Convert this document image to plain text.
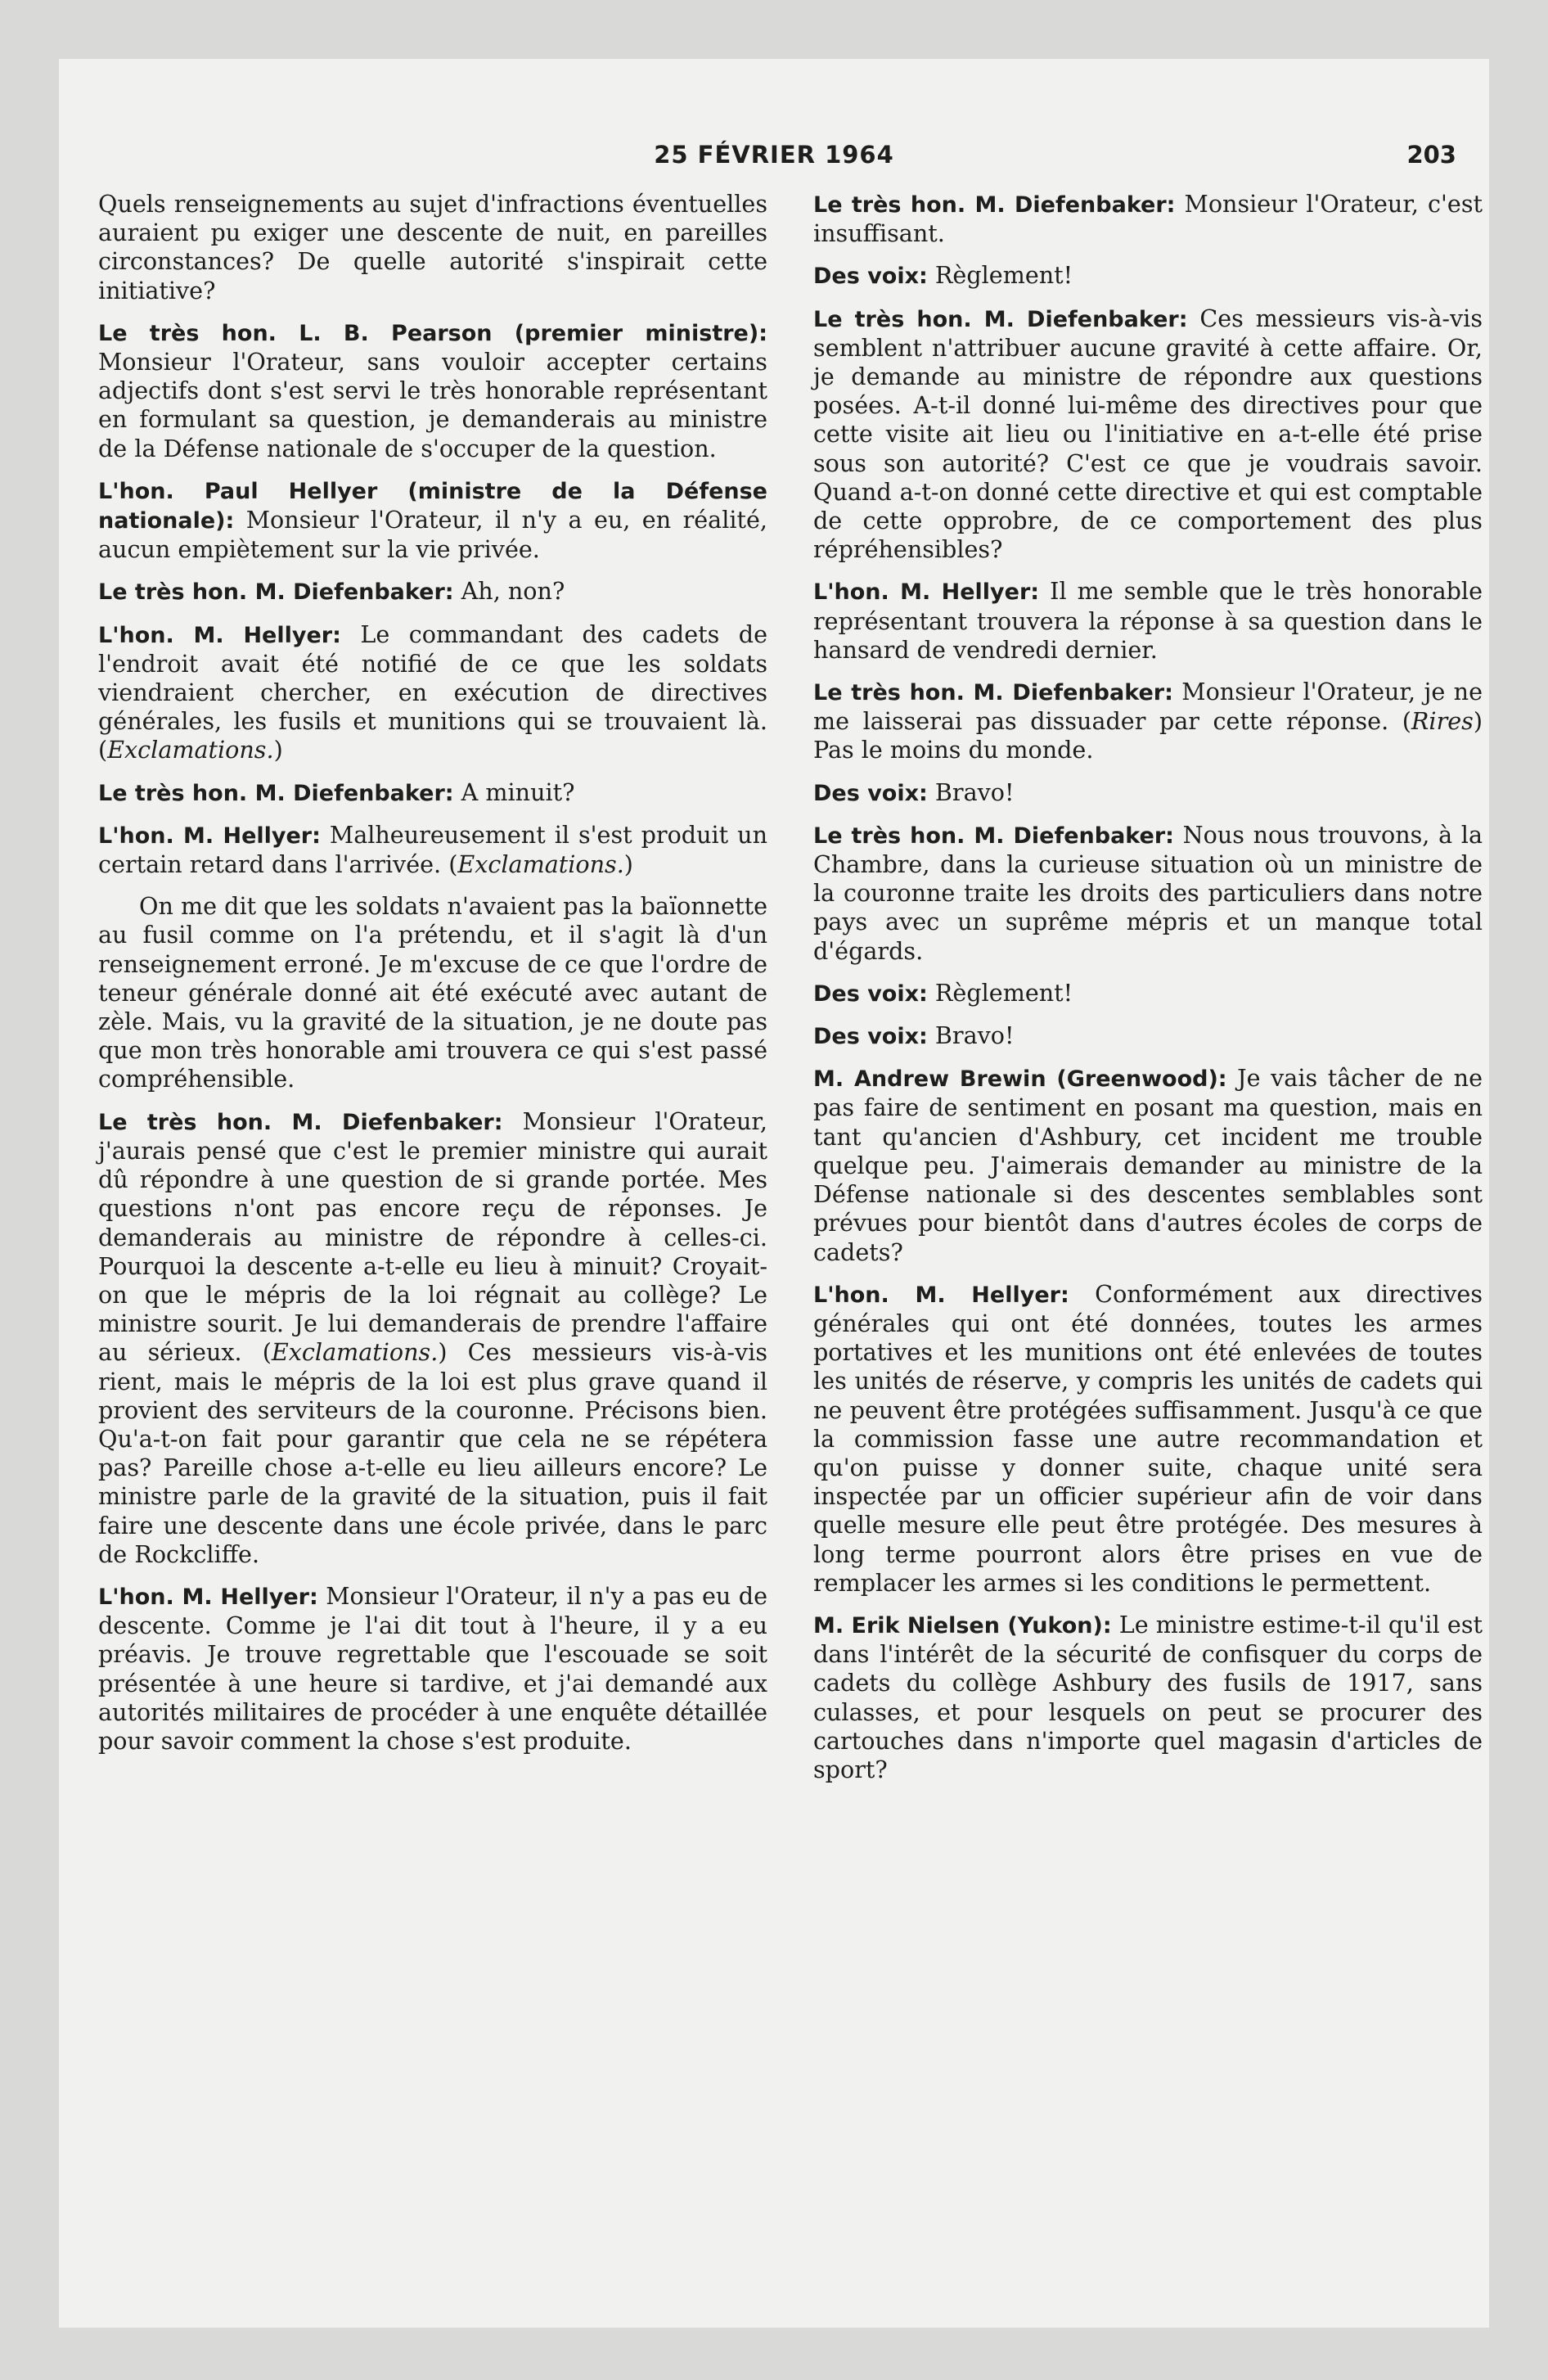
25 FÉVRIER 1964	203

Quels renseignements au sujet d'infractions éventuelles auraient pu exiger une descente de nuit, en pareilles circonstances? De quelle autorité s'inspirait cette initiative?

Le très hon. L. B. Pearson (premier ministre): Monsieur l'Orateur, sans vouloir accepter certains adjectifs dont s'est servi le très honorable représentant en formulant sa question, je demanderais au ministre de la Défense nationale de s'occuper de la question.

L'hon. Paul Hellyer (ministre de la Défense nationale): Monsieur l'Orateur, il n'y a eu, en réalité, aucun empiètement sur la vie privée.

Le très hon. M. Diefenbaker: Ah, non?

L'hon. M. Hellyer: Le commandant des cadets de l'endroit avait été notifié de ce que les soldats viendraient chercher, en exécution de directives générales, les fusils et munitions qui se trouvaient là. (Exclamations.)

Le très hon. M. Diefenbaker: A minuit?

L'hon. M. Hellyer: Malheureusement il s'est produit un certain retard dans l'arrivée. (Exclamations.)

On me dit que les soldats n'avaient pas la baïonnette au fusil comme on l'a prétendu, et il s'agit là d'un renseignement erroné. Je m'excuse de ce que l'ordre de teneur générale donné ait été exécuté avec autant de zèle. Mais, vu la gravité de la situation, je ne doute pas que mon très honorable ami trouvera ce qui s'est passé compréhensible.

Le très hon. M. Diefenbaker: Monsieur l'Orateur, j'aurais pensé que c'est le premier ministre qui aurait dû répondre à une question de si grande portée. Mes questions n'ont pas encore reçu de réponses. Je demanderais au ministre de répondre à celles-ci. Pourquoi la descente a-t-elle eu lieu à minuit? Croyait-on que le mépris de la loi régnait au collège? Le ministre sourit. Je lui demanderais de prendre l'affaire au sérieux. (Exclamations.) Ces messieurs vis-à-vis rient, mais le mépris de la loi est plus grave quand il provient des serviteurs de la couronne. Précisons bien. Qu'a-t-on fait pour garantir que cela ne se répétera pas? Pareille chose a-t-elle eu lieu ailleurs encore? Le ministre parle de la gravité de la situation, puis il fait faire une descente dans une école privée, dans le parc de Rockcliffe.

L'hon. M. Hellyer: Monsieur l'Orateur, il n'y a pas eu de descente. Comme je l'ai dit tout à l'heure, il y a eu préavis. Je trouve regrettable que l'escouade se soit présentée à une heure si tardive, et j'ai demandé aux autorités militaires de procéder à une enquête détaillée pour savoir comment la chose s'est produite.

Le très hon. M. Diefenbaker: Monsieur l'Orateur, c'est insuffisant.

Des voix: Règlement!

Le très hon. M. Diefenbaker: Ces messieurs vis-à-vis semblent n'attribuer aucune gravité à cette affaire. Or, je demande au ministre de répondre aux questions posées. A-t-il donné lui-même des directives pour que cette visite ait lieu ou l'initiative en a-t-elle été prise sous son autorité? C'est ce que je voudrais savoir. Quand a-t-on donné cette directive et qui est comptable de cette opprobre, de ce comportement des plus répréhensibles?

L'hon. M. Hellyer: Il me semble que le très honorable représentant trouvera la réponse à sa question dans le hansard de vendredi dernier.

Le très hon. M. Diefenbaker: Monsieur l'Orateur, je ne me laisserai pas dissuader par cette réponse. (Rires) Pas le moins du monde.

Des voix: Bravo!

Le très hon. M. Diefenbaker: Nous nous trouvons, à la Chambre, dans la curieuse situation où un ministre de la couronne traite les droits des particuliers dans notre pays avec un suprême mépris et un manque total d'égards.

Des voix: Règlement!

Des voix: Bravo!

M. Andrew Brewin (Greenwood): Je vais tâcher de ne pas faire de sentiment en posant ma question, mais en tant qu'ancien d'Ashbury, cet incident me trouble quelque peu. J'aimerais demander au ministre de la Défense nationale si des descentes semblables sont prévues pour bientôt dans d'autres écoles de corps de cadets?

L'hon. M. Hellyer: Conformément aux directives générales qui ont été données, toutes les armes portatives et les munitions ont été enlevées de toutes les unités de réserve, y compris les unités de cadets qui ne peuvent être protégées suffisamment. Jusqu'à ce que la commission fasse une autre recommandation et qu'on puisse y donner suite, chaque unité sera inspectée par un officier supérieur afin de voir dans quelle mesure elle peut être protégée. Des mesures à long terme pourront alors être prises en vue de remplacer les armes si les conditions le permettent.

M. Erik Nielsen (Yukon): Le ministre estime-t-il qu'il est dans l'intérêt de la sécurité de confisquer du corps de cadets du collège Ashbury des fusils de 1917, sans culasses, et pour lesquels on peut se procurer des cartouches dans n'importe quel magasin d'articles de sport?
